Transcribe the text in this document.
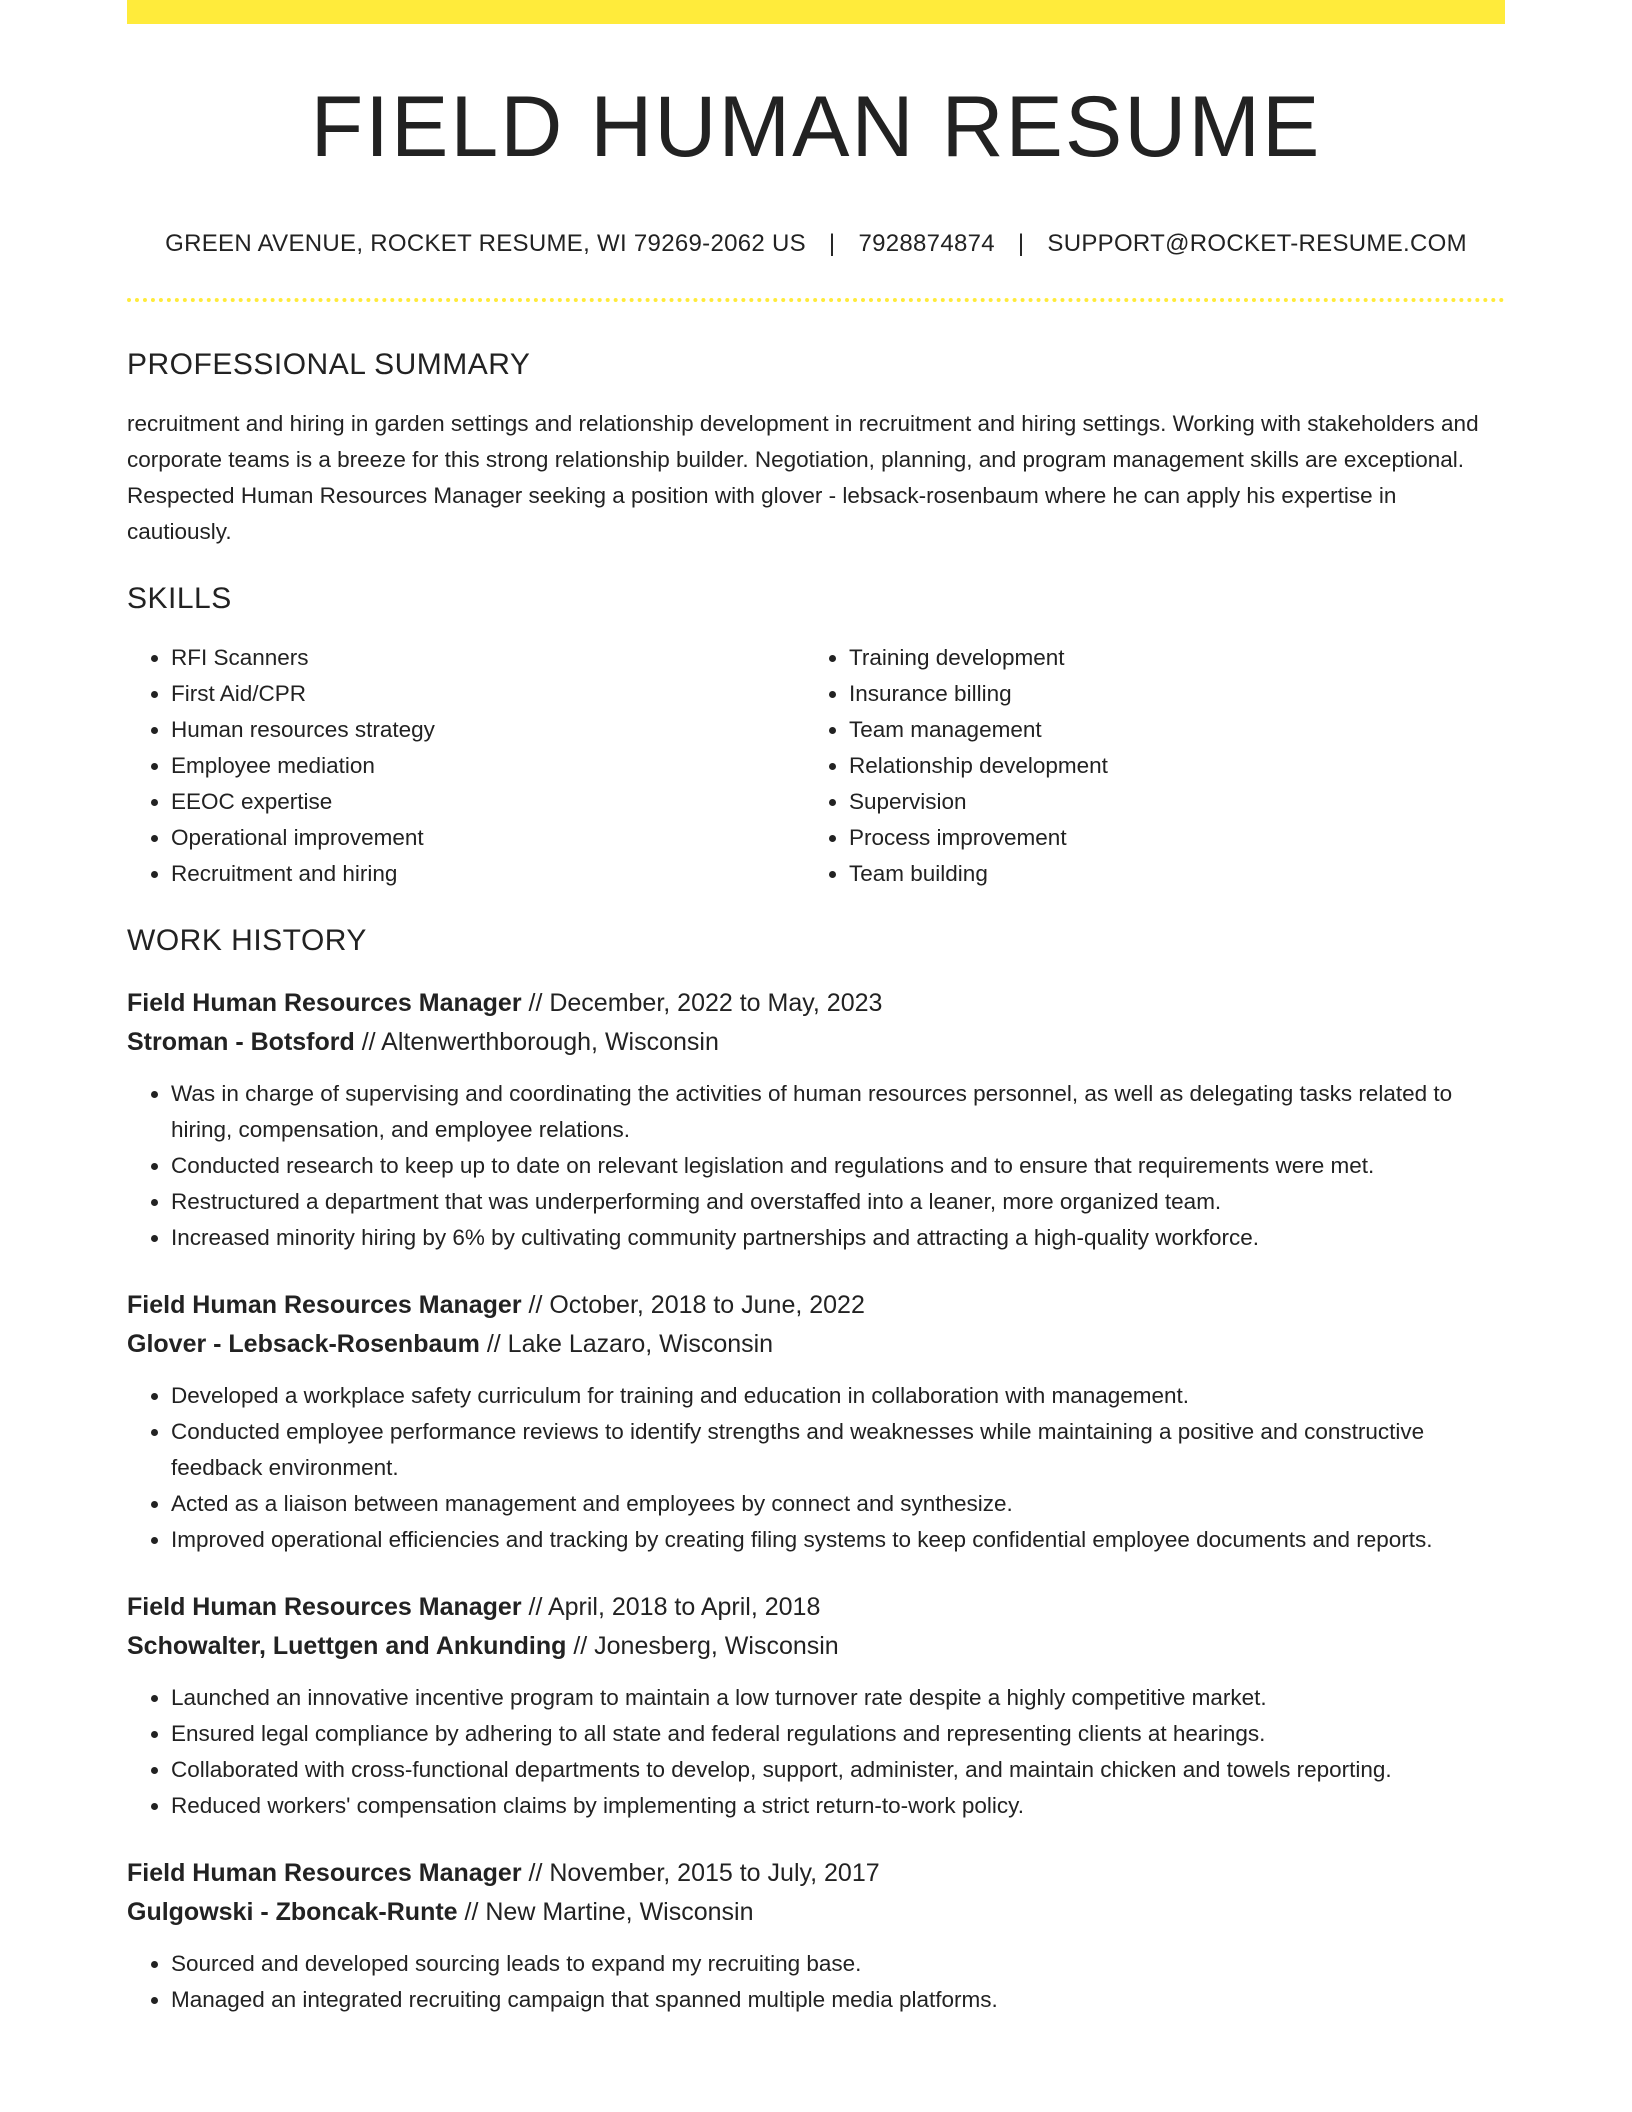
FIELD HUMAN RESUME
GREEN AVENUE, ROCKET RESUME, WI 79269-2062 US | 7928874874 | SUPPORT@ROCKET-RESUME.COM
PROFESSIONAL SUMMARY
recruitment and hiring in garden settings and relationship development in recruitment and hiring settings. Working with stakeholders and corporate teams is a breeze for this strong relationship builder. Negotiation, planning, and program management skills are exceptional. Respected Human Resources Manager seeking a position with glover - lebsack-rosenbaum where he can apply his expertise in cautiously.
SKILLS
• RFI Scanners
• First Aid/CPR
• Human resources strategy
• Employee mediation
• EEOC expertise
• Operational improvement
• Recruitment and hiring
• Training development
• Insurance billing
• Team management
• Relationship development
• Supervision
• Process improvement
• Team building
WORK HISTORY
Field Human Resources Manager // December, 2022 to May, 2023
Stroman - Botsford // Altenwerthborough, Wisconsin
• Was in charge of supervising and coordinating the activities of human resources personnel, as well as delegating tasks related to hiring, compensation, and employee relations.
• Conducted research to keep up to date on relevant legislation and regulations and to ensure that requirements were met.
• Restructured a department that was underperforming and overstaffed into a leaner, more organized team.
• Increased minority hiring by 6% by cultivating community partnerships and attracting a high-quality workforce.
Field Human Resources Manager // October, 2018 to June, 2022
Glover - Lebsack-Rosenbaum // Lake Lazaro, Wisconsin
• Developed a workplace safety curriculum for training and education in collaboration with management.
• Conducted employee performance reviews to identify strengths and weaknesses while maintaining a positive and constructive feedback environment.
• Acted as a liaison between management and employees by connect and synthesize.
• Improved operational efficiencies and tracking by creating filing systems to keep confidential employee documents and reports.
Field Human Resources Manager // April, 2018 to April, 2018
Schowalter, Luettgen and Ankunding // Jonesberg, Wisconsin
• Launched an innovative incentive program to maintain a low turnover rate despite a highly competitive market.
• Ensured legal compliance by adhering to all state and federal regulations and representing clients at hearings.
• Collaborated with cross-functional departments to develop, support, administer, and maintain chicken and towels reporting.
• Reduced workers' compensation claims by implementing a strict return-to-work policy.
Field Human Resources Manager // November, 2015 to July, 2017
Gulgowski - Zboncak-Runte // New Martine, Wisconsin
• Sourced and developed sourcing leads to expand my recruiting base.
• Managed an integrated recruiting campaign that spanned multiple media platforms.
